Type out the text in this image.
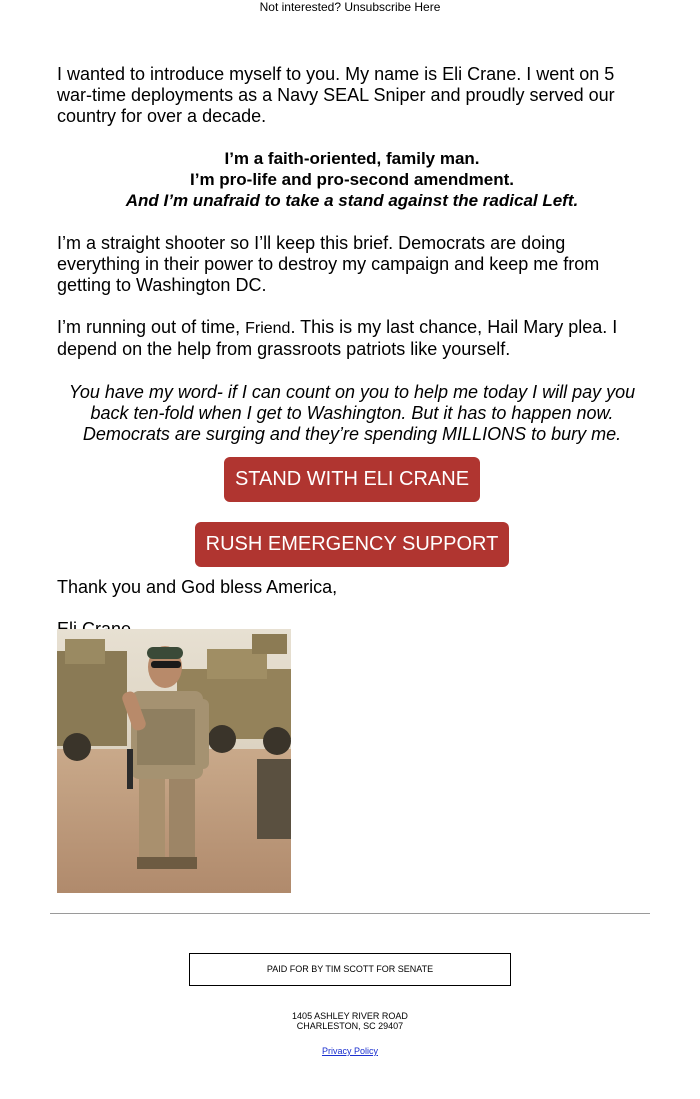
Not interested? Unsubscribe Here

I wanted to introduce myself to you. My name is Eli Crane. I went on 5 war-time deployments as a Navy SEAL Sniper and proudly served our country for over a decade.

I’m a faith-oriented, family man.
I’m pro-life and pro-second amendment.
And I’m unafraid to take a stand against the radical Left.

I’m a straight shooter so I’ll keep this brief. Democrats are doing everything in their power to destroy my campaign and keep me from getting to Washington DC.

I’m running out of time, Friend. This is my last chance, Hail Mary plea. I depend on the help from grassroots patriots like yourself.

You have my word- if I can count on you to help me today I will pay you back ten-fold when I get to Washington. But it has to happen now. Democrats are surging and they’re spending MILLIONS to bury me.

STAND WITH ELI CRANE
RUSH EMERGENCY SUPPORT

Thank you and God bless America,

PAID FOR BY TIM SCOTT FOR SENATE
1405 ASHLEY RIVER ROAD
CHARLESTON, SC 29407
Privacy Policy
